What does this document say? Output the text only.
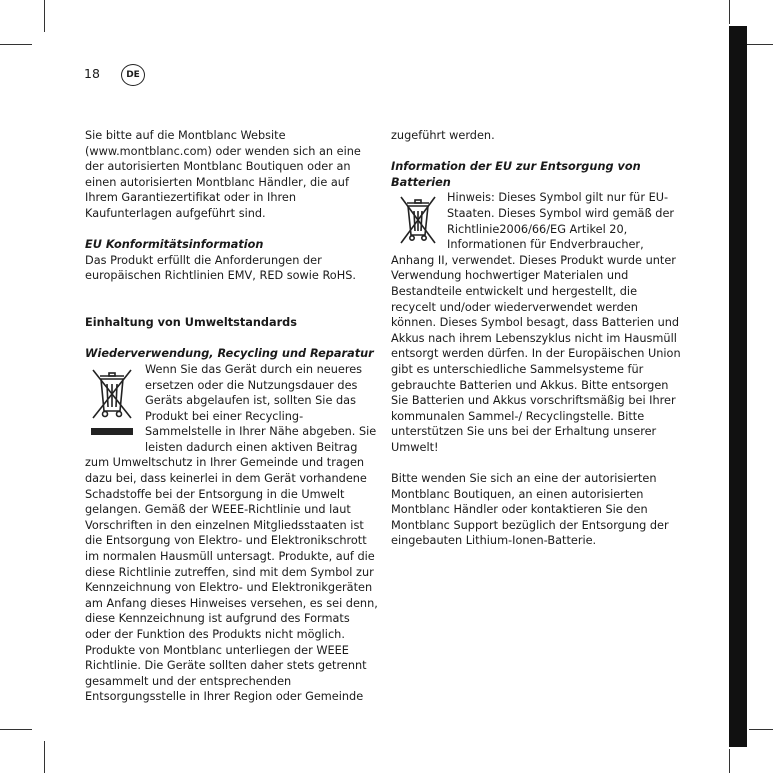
18	DE

Sie bitte auf die Montblanc Website (www.montblanc.com) oder wenden sich an eine der autorisierten Montblanc Boutiquen oder an einen autorisierten Montblanc Händler, die auf Ihrem Garantiezertifikat oder in Ihren Kaufunterlagen aufgeführt sind.

EU Konformitätsinformation

Das Produkt erfüllt die Anforderungen der europäischen Richtlinien EMV, RED sowie RoHS.

Einhaltung von Umweltstandards

Wiederverwendung, Recycling und Reparatur

Wenn Sie das Gerät durch ein neueres ersetzen oder die Nutzungsdauer des Geräts abgelaufen ist, sollten Sie das Produkt bei einer Recycling-Sammelstelle in Ihrer Nähe abgeben. Sie leisten dadurch einen aktiven Beitrag zum Umweltschutz in Ihrer Gemeinde und tragen dazu bei, dass keinerlei in dem Gerät vorhandene Schadstoffe bei der Entsorgung in die Umwelt gelangen. Gemäß der WEEE-Richtlinie und laut Vorschriften in den einzelnen Mitgliedsstaaten ist die Entsorgung von Elektro- und Elektronikschrott im normalen Hausmüll untersagt. Produkte, auf die diese Richtlinie zutreffen, sind mit dem Symbol zur Kennzeichnung von Elektro- und Elektronikgeräten am Anfang dieses Hinweises versehen, es sei denn, diese Kennzeichnung ist aufgrund des Formats oder der Funktion des Produkts nicht möglich. Produkte von Montblanc unterliegen der WEEE Richtlinie. Die Geräte sollten daher stets getrennt gesammelt und der entsprechenden Entsorgungsstelle in Ihrer Region oder Gemeinde

zugeführt werden.

Information der EU zur Entsorgung von Batterien

Hinweis: Dieses Symbol gilt nur für EU-Staaten. Dieses Symbol wird gemäß der Richtlinie2006/66/EG Artikel 20, Informationen für Endverbraucher, Anhang II, verwendet. Dieses Produkt wurde unter Verwendung hochwertiger Materialen und Bestandteile entwickelt und hergestellt, die recycelt und/oder wiederverwendet werden können. Dieses Symbol besagt, dass Batterien und Akkus nach ihrem Lebenszyklus nicht im Hausmüll entsorgt werden dürfen. In der Europäischen Union gibt es unterschiedliche Sammelsysteme für gebrauchte Batterien und Akkus. Bitte entsorgen Sie Batterien und Akkus vorschriftsmäßig bei Ihrer kommunalen Sammel-/ Recyclingstelle. Bitte unterstützen Sie uns bei der Erhaltung unserer Umwelt!

Bitte wenden Sie sich an eine der autorisierten Montblanc Boutiquen, an einen autorisierten Montblanc Händler oder kontaktieren Sie den Montblanc Support bezüglich der Entsorgung der eingebauten Lithium-Ionen-Batterie.
